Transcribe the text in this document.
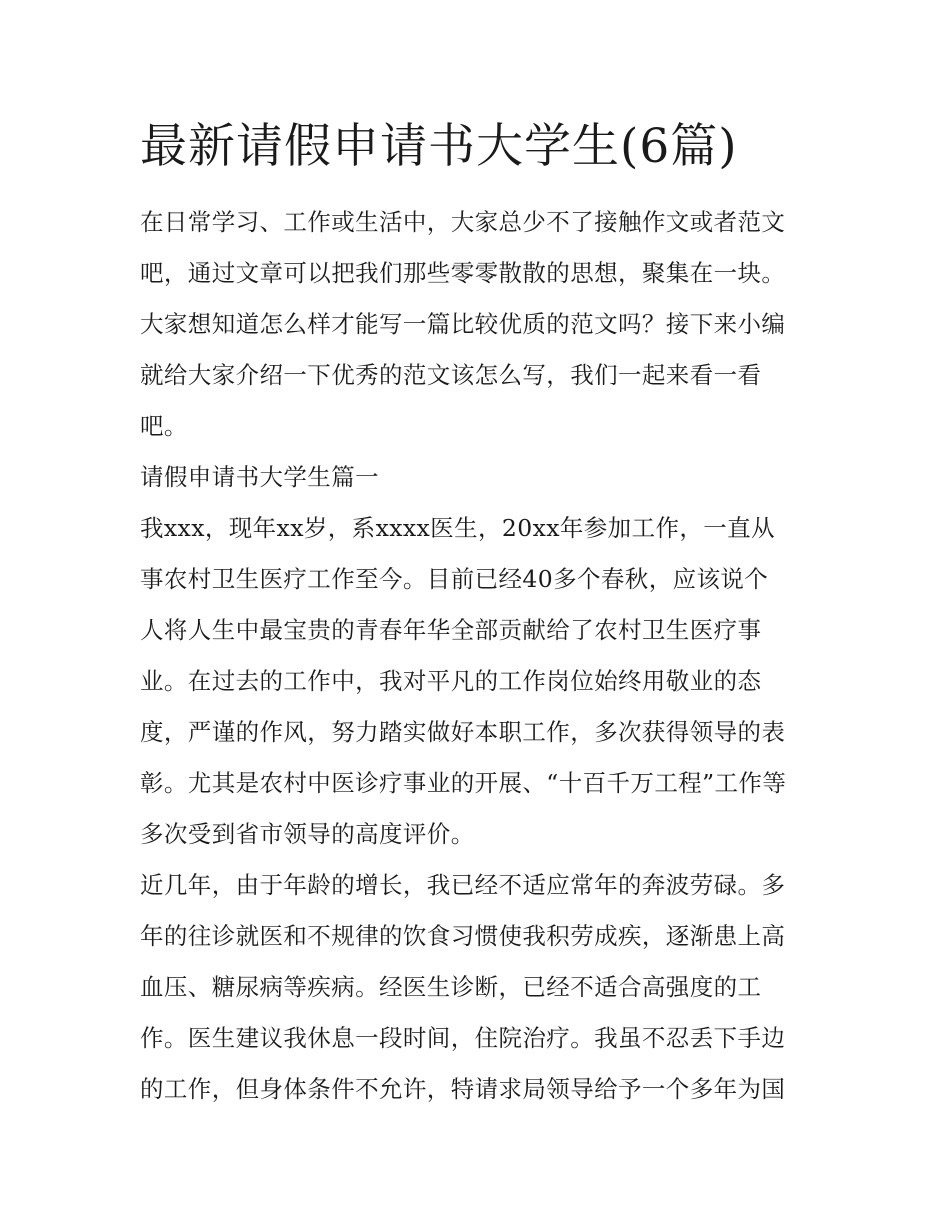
最新请假申请书大学生(6篇)
在日常学习、工作或生活中，大家总少不了接触作文或者范文
吧，通过文章可以把我们那些零零散散的思想，聚集在一块。
大家想知道怎么样才能写一篇比较优质的范文吗？接下来小编
就给大家介绍一下优秀的范文该怎么写，我们一起来看一看
吧。
请假申请书大学生篇一
我xxx，现年xx岁，系xxxx医生，20xx年参加工作，一直从
事农村卫生医疗工作至今。目前已经40多个春秋，应该说个
人将人生中最宝贵的青春年华全部贡献给了农村卫生医疗事
业。在过去的工作中，我对平凡的工作岗位始终用敬业的态
度，严谨的作风，努力踏实做好本职工作，多次获得领导的表
彰。尤其是农村中医诊疗事业的开展、“十百千万工程”工作等
多次受到省市领导的高度评价。
近几年，由于年龄的增长，我已经不适应常年的奔波劳碌。多
年的往诊就医和不规律的饮食习惯使我积劳成疾，逐渐患上高
血压、糖尿病等疾病。经医生诊断，已经不适合高强度的工
作。医生建议我休息一段时间，住院治疗。我虽不忍丢下手边
的工作，但身体条件不允许，特请求局领导给予一个多年为国
